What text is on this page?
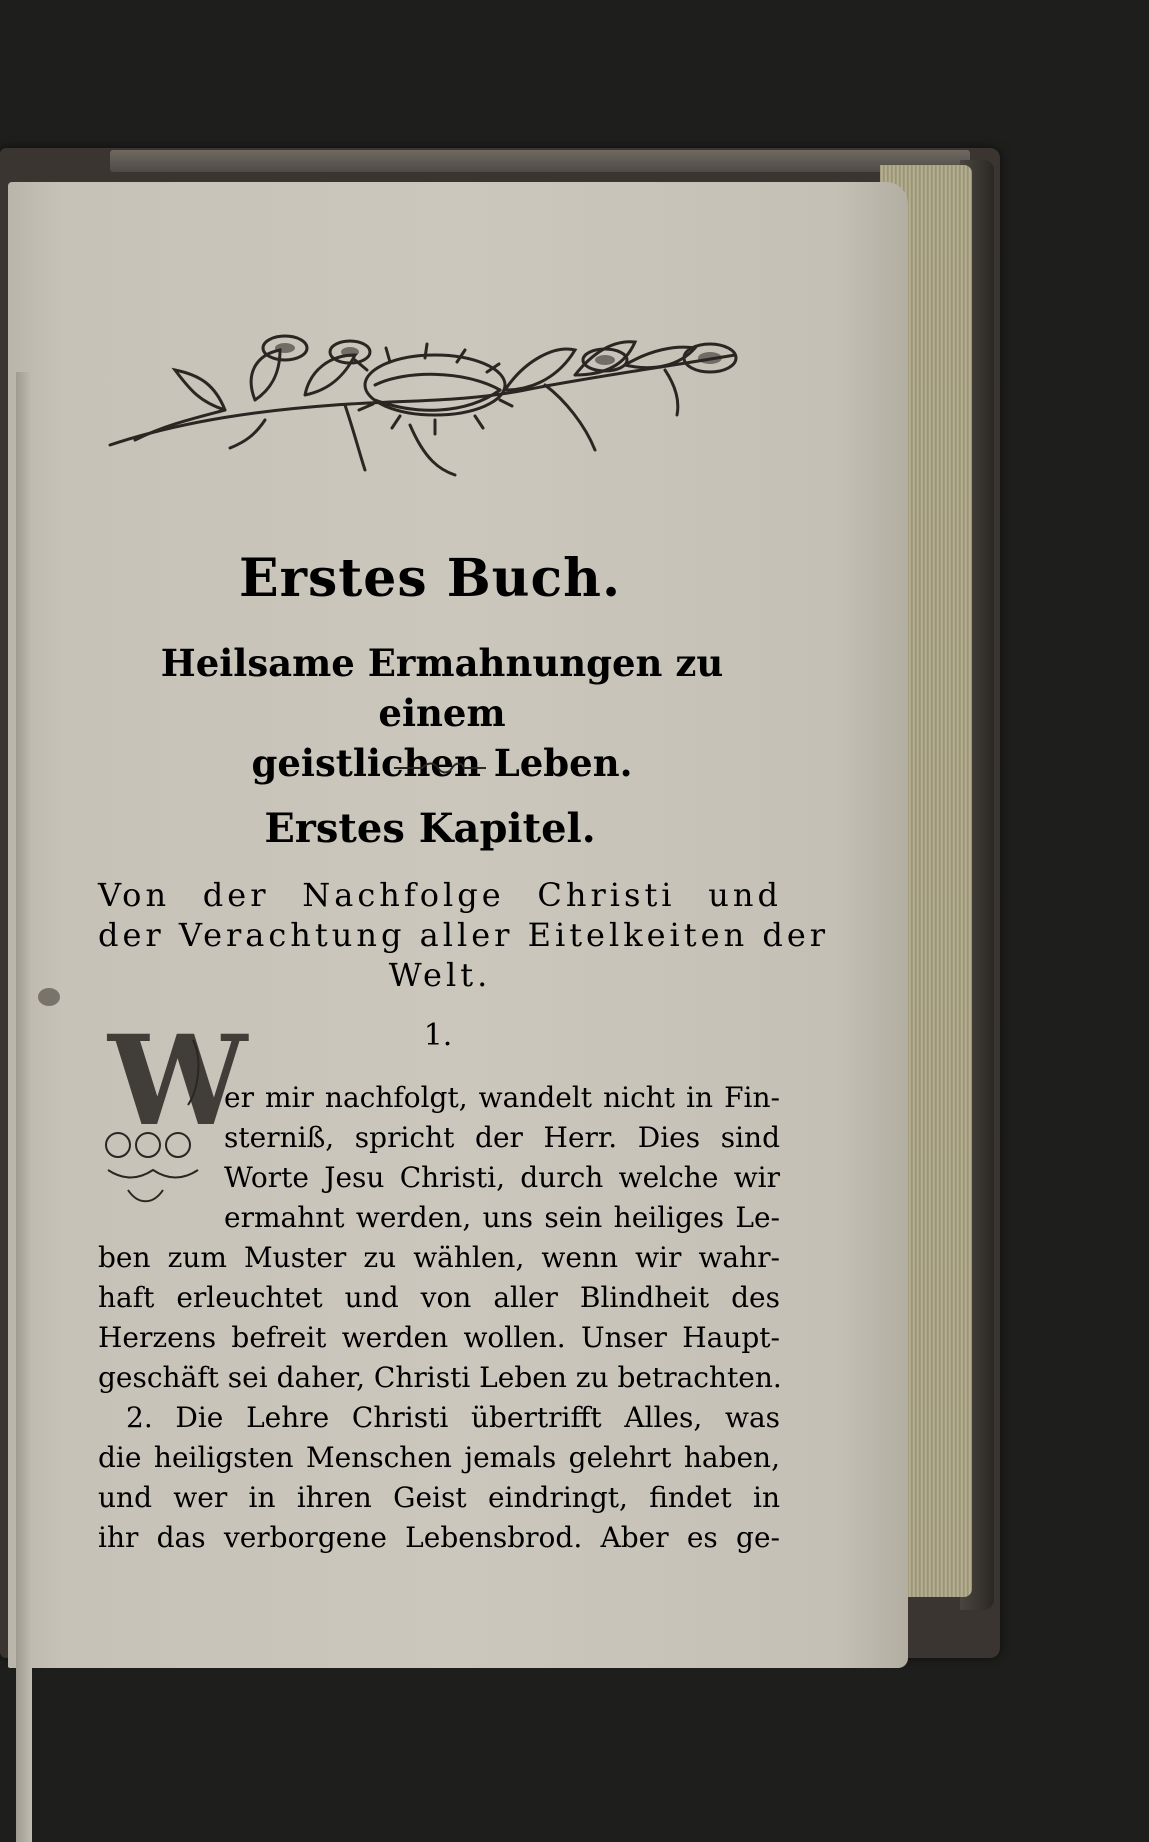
Erstes Buch.
Heilsame Ermahnungen zu einem
geistlichen Leben.
Erstes Kapitel.
Von der Nachfolge Christi und
der Verachtung aller Eitelkeiten der
Welt.
1.
W
er mir nachfolgt, wandelt nicht in Fin-
sterniß, spricht der Herr. Dies sind
Worte Jesu Christi, durch welche wir
ermahnt werden, uns sein heiliges Le-
ben zum Muster zu wählen, wenn wir wahr-
haft erleuchtet und von aller Blindheit des
Herzens befreit werden wollen. Unser Haupt-
geschäft sei daher, Christi Leben zu betrachten.
2. Die Lehre Christi übertrifft Alles, was
die heiligsten Menschen jemals gelehrt haben,
und wer in ihren Geist eindringt, findet in
ihr das verborgene Lebensbrod. Aber es ge-
